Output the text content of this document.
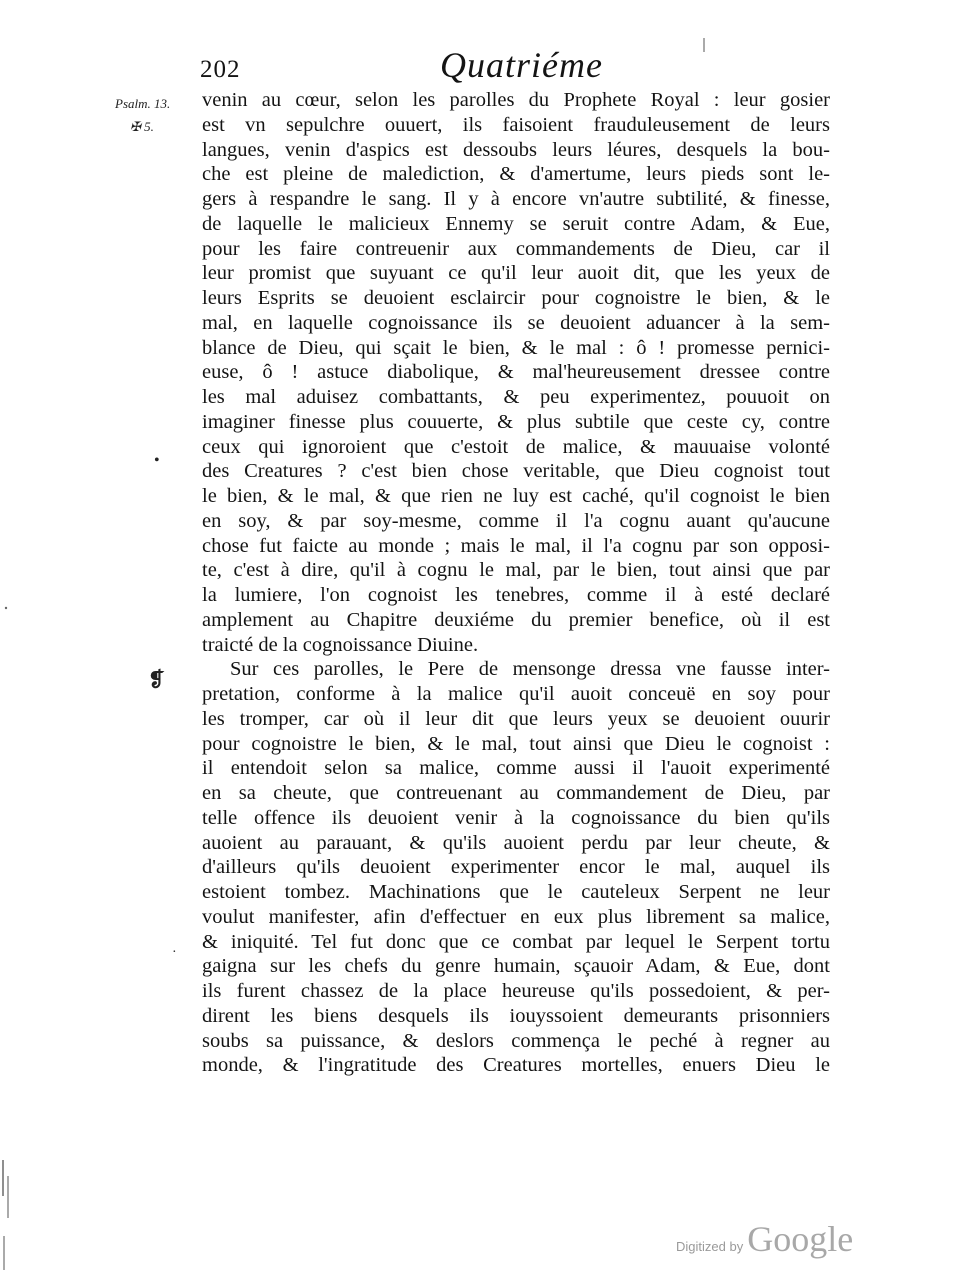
202	Quatriéme
Psalm. 13.
✠ 5.
•
❡
·
venin au cœur, selon les parolles du Prophete Royal : leur gosier
est vn sepulchre ouuert, ils faisoient frauduleusement de leurs
langues, venin d'aspics est dessoubs leurs léures, desquels la bou-
che est pleine de malediction, & d'amertume, leurs pieds sont le-
gers à respandre le sang. Il y à encore vn'autre subtilité, & finesse,
de laquelle le malicieux Ennemy se seruit contre Adam, & Eue,
pour les faire contreuenir aux commandements de Dieu, car il
leur promist que suyuant ce qu'il leur auoit dit, que les yeux de
leurs Esprits se deuoient esclaircir pour cognoistre le bien, & le
mal, en laquelle cognoissance ils se deuoient aduancer à la sem-
blance de Dieu, qui sçait le bien, & le mal : ô ! promesse pernici-
euse, ô ! astuce diabolique, & mal'heureusement dressee contre
les mal aduisez combattants, & peu experimentez, pouuoit on
imaginer finesse plus couuerte, & plus subtile que ceste cy, contre
ceux qui ignoroient que c'estoit de malice, & mauuaise volonté
des Creatures ? c'est bien chose veritable, que Dieu cognoist tout
le bien, & le mal, & que rien ne luy est caché, qu'il cognoist le bien
en soy, & par soy-mesme, comme il l'a cognu auant qu'aucune
chose fut faicte au monde ; mais le mal, il l'a cognu par son opposi-
te, c'est à dire, qu'il à cognu le mal, par le bien, tout ainsi que par
la lumiere, l'on cognoist les tenebres, comme il à esté declaré
amplement au Chapitre deuxiéme du premier benefice, où il est
traicté de la cognoissance Diuine.
Sur ces parolles, le Pere de mensonge dressa vne fausse inter-
pretation, conforme à la malice qu'il auoit conceuë en soy pour
les tromper, car où il leur dit que leurs yeux se deuoient ouurir
pour cognoistre le bien, & le mal, tout ainsi que Dieu le cognoist :
il entendoit selon sa malice, comme aussi il l'auoit experimenté
en sa cheute, que contreuenant au commandement de Dieu, par
telle offence ils deuoient venir à la cognoissance du bien qu'ils
auoient au parauant, & qu'ils auoient perdu par leur cheute, &
d'ailleurs qu'ils deuoient experimenter encor le mal, auquel ils
estoient tombez. Machinations que le cauteleux Serpent ne leur
voulut manifester, afin d'effectuer en eux plus librement sa malice,
& iniquité. Tel fut donc que ce combat par lequel le Serpent tortu
gaigna sur les chefs du genre humain, sçauoir Adam, & Eue, dont
ils furent chassez de la place heureuse qu'ils possedoient, & per-
dirent les biens desquels ils iouyssoient demeurants prisonniers
soubs sa puissance, & deslors commença le peché à regner au
monde, & l'ingratitude des Creatures mortelles, enuers Dieu le
Digitized by Google
